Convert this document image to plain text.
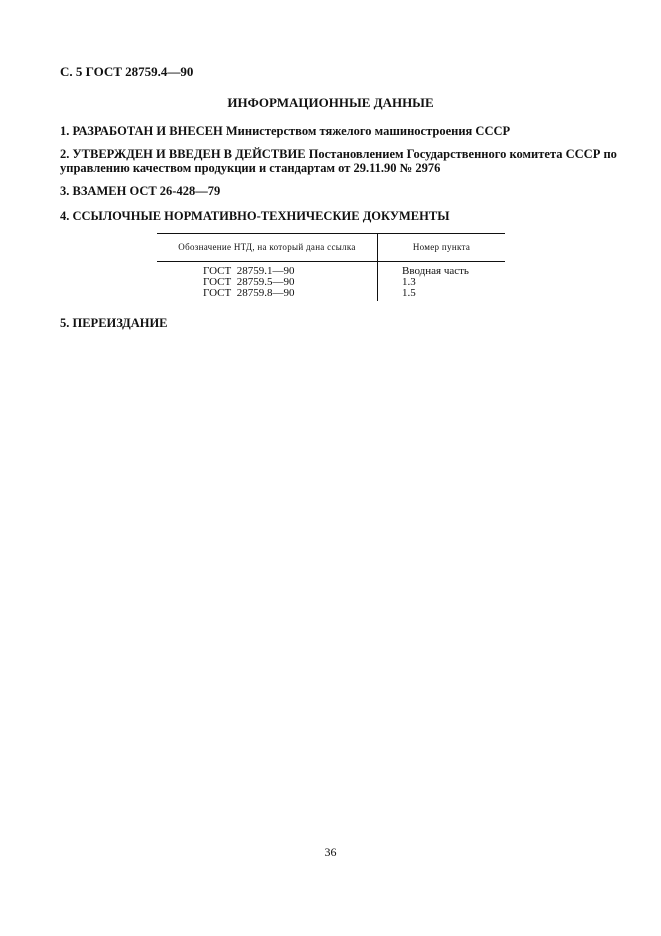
С. 5 ГОСТ 28759.4—90
ИНФОРМАЦИОННЫЕ ДАННЫЕ
1. РАЗРАБОТАН И ВНЕСЕН Министерством тяжелого машиностроения СССР
2. УТВЕРЖДЕН И ВВЕДЕН В ДЕЙСТВИЕ Постановлением Государственного комитета СССР по управлению качеством продукции и стандартам от 29.11.90 № 2976
3. ВЗАМЕН ОСТ 26-428—79
4. ССЫЛОЧНЫЕ НОРМАТИВНО-ТЕХНИЧЕСКИЕ ДОКУМЕНТЫ
Обозначение НТД, на который дана ссылка	Номер пункта
ГОСТ  28759.1—90
ГОСТ  28759.5—90
ГОСТ  28759.8—90
Вводная часть
1.3
1.5
5. ПЕРЕИЗДАНИЕ
36
